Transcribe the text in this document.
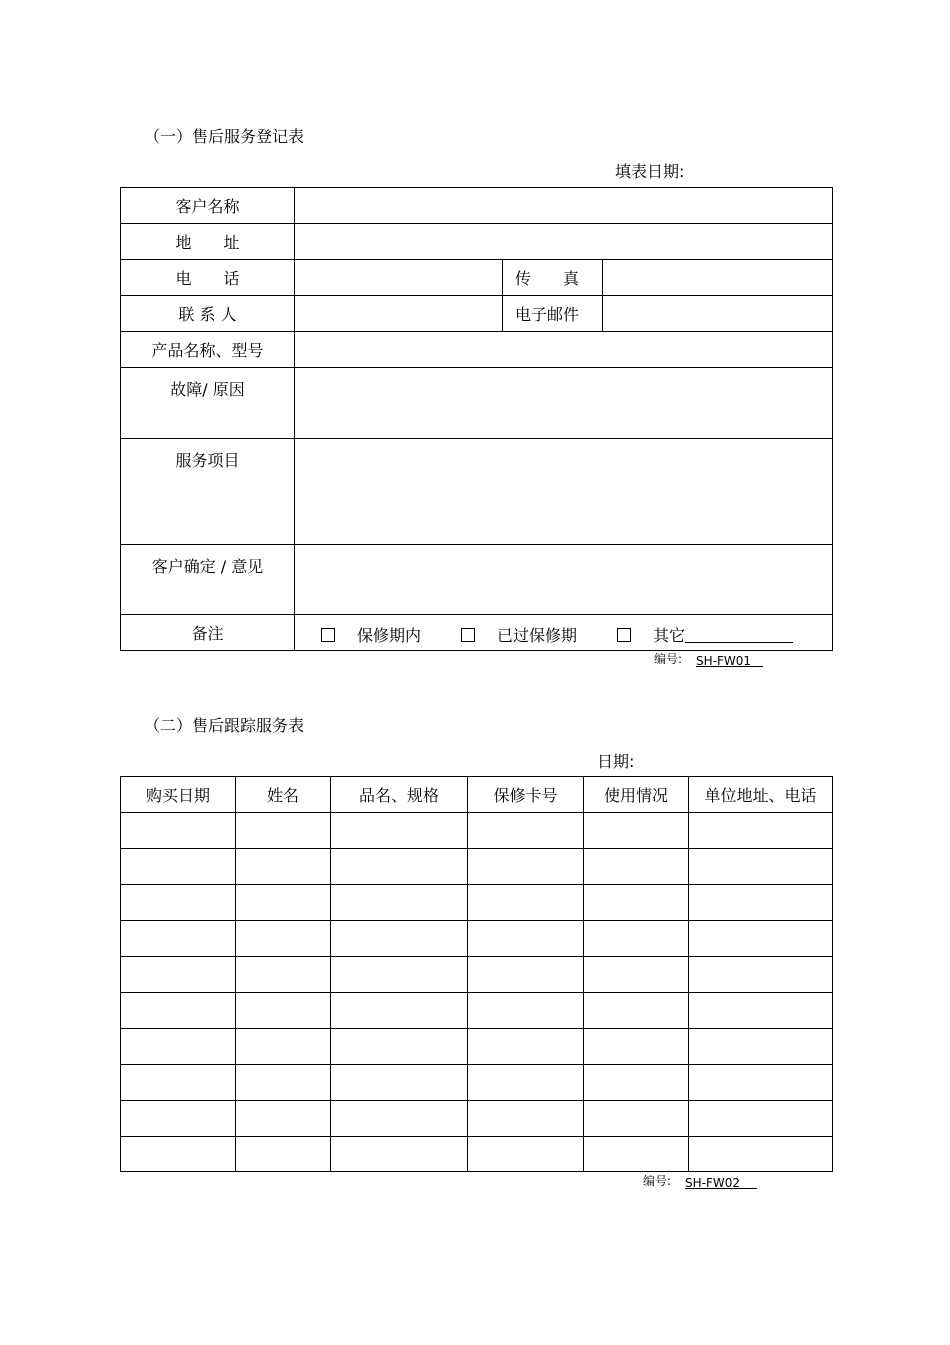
（一）售后服务登记表
填表日期:
客户名称			
地　　址			
电　　话		传　　真	
联 系 人		电子邮件	
产品名称、型号			
故障/ 原因			
服务项目			
客户确定 / 意见			
备注	保修期内 已过保修期 其它		
编号: SH-FW01
（二）售后跟踪服务表
日期:
购买日期	姓名	品名、规格	保修卡号	使用情况	单位地址、电话

编号: SH-FW02
